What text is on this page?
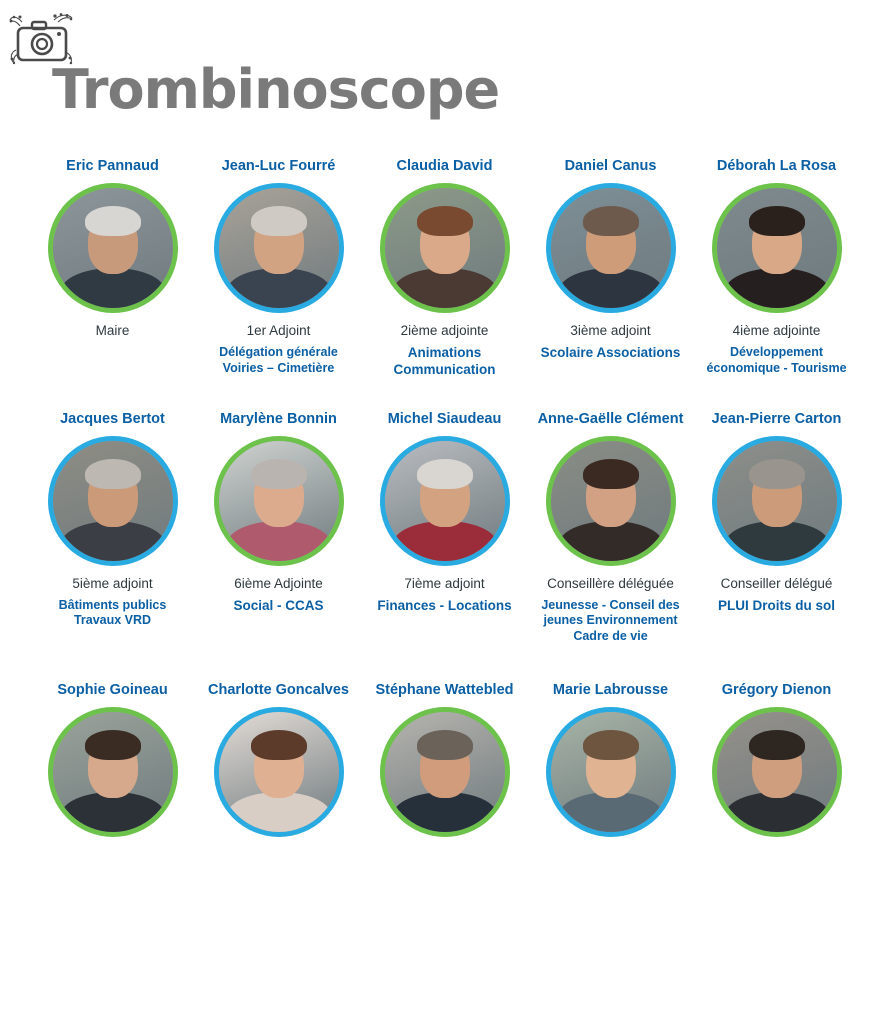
Trombinoscope
Eric Pannaud
Maire
Jean-Luc Fourré
1er Adjoint
Délégation générale Voiries – Cimetière
Claudia David
2ième adjointe
Animations Communication
Daniel Canus
3ième adjoint
Scolaire Associations
Déborah La Rosa
4ième adjointe
Développement économique - Tourisme
Jacques Bertot
5ième adjoint
Bâtiments publics Travaux VRD
Marylène Bonnin
6ième Adjointe
Social - CCAS
Michel Siaudeau
7ième adjoint
Finances - Locations
Anne-Gaëlle Clément
Conseillère déléguée
Jeunesse - Conseil des jeunes Environnement Cadre de vie
Jean-Pierre Carton
Conseiller délégué
PLUI Droits du sol
Sophie Goineau	Charlotte Goncalves Stéphane Wattebled	Marie Labrousse	Grégory Dienon
